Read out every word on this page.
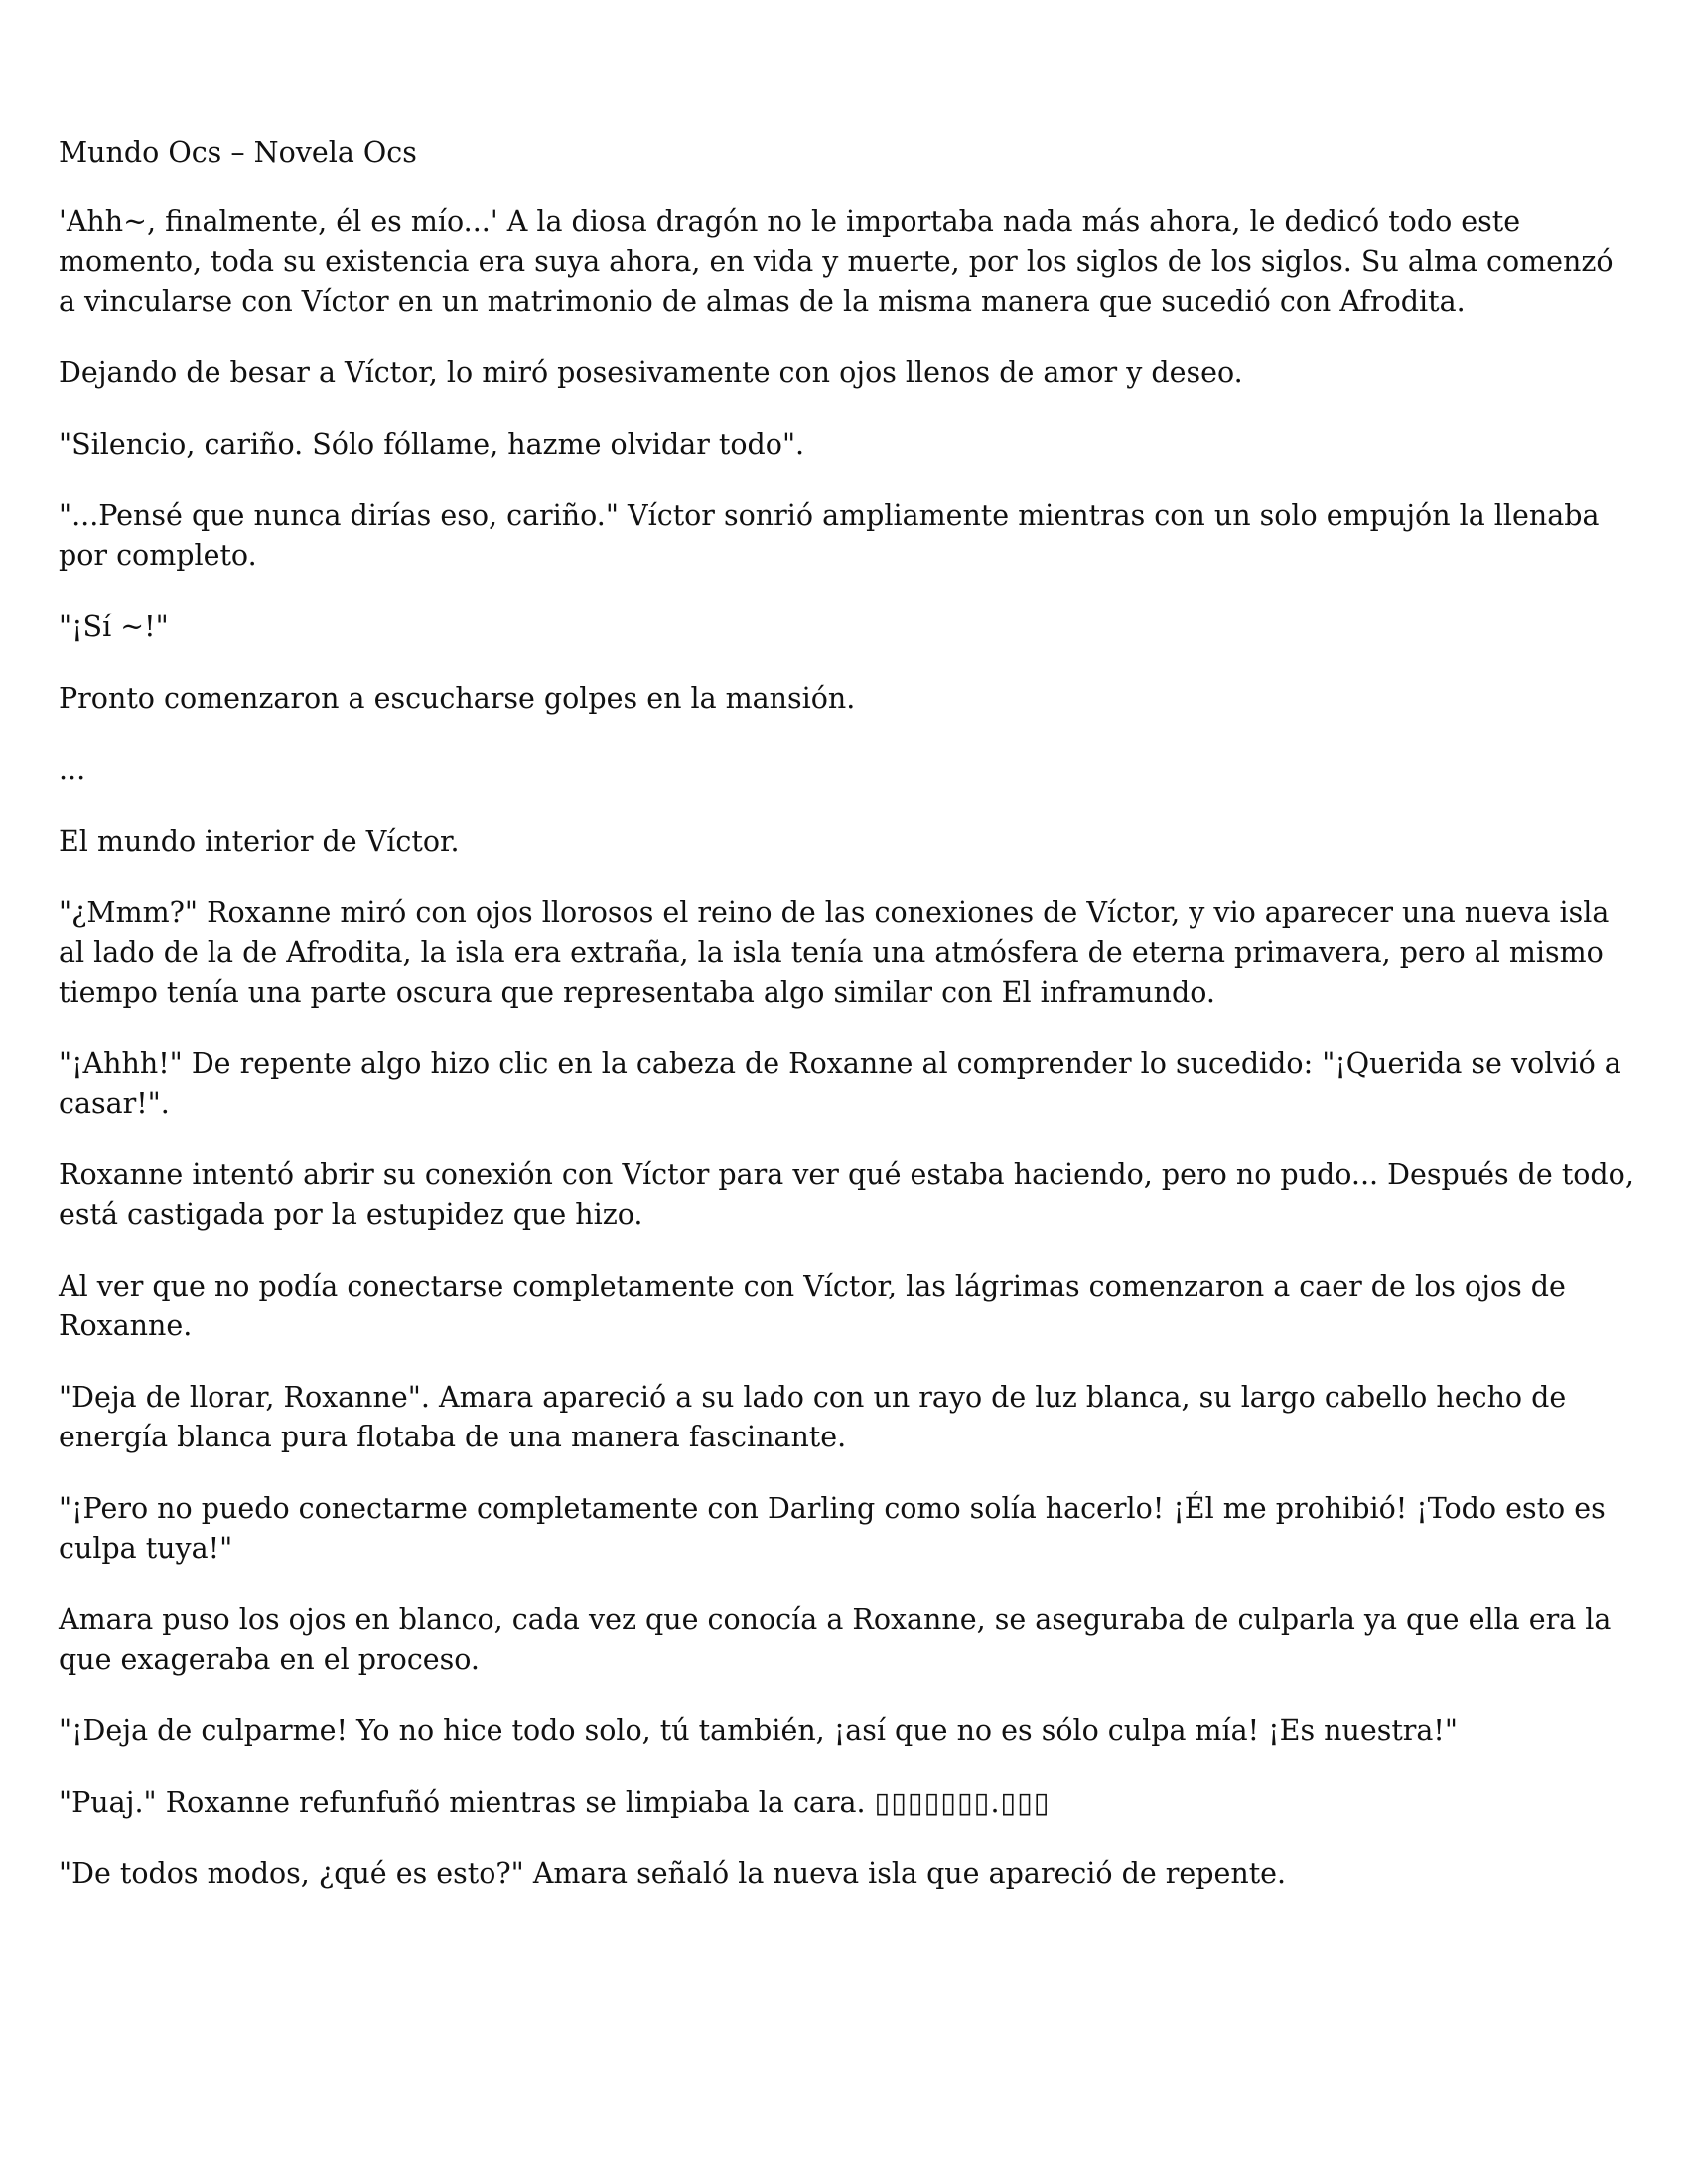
Mundo Ocs – Novela Ocs

'Ahh~, finalmente, él es mío...' A la diosa dragón no le importaba nada más ahora, le dedicó todo este momento, toda su existencia era suya ahora, en vida y muerte, por los siglos de los siglos. Su alma comenzó a vincularse con Víctor en un matrimonio de almas de la misma manera que sucedió con Afrodita.

Dejando de besar a Víctor, lo miró posesivamente con ojos llenos de amor y deseo.

"Silencio, cariño. Sólo fóllame, hazme olvidar todo".

"...Pensé que nunca dirías eso, cariño." Víctor sonrió ampliamente mientras con un solo empujón la llenaba por completo.

"¡Sí ~!"

Pronto comenzaron a escucharse golpes en la mansión.

...

El mundo interior de Víctor.

"¿Mmm?" Roxanne miró con ojos llorosos el reino de las conexiones de Víctor, y vio aparecer una nueva isla al lado de la de Afrodita, la isla era extraña, la isla tenía una atmósfera de eterna primavera, pero al mismo tiempo tenía una parte oscura que representaba algo similar con El inframundo.

"¡Ahhh!" De repente algo hizo clic en la cabeza de Roxanne al comprender lo sucedido: "¡Querida se volvió a casar!".

Roxanne intentó abrir su conexión con Víctor para ver qué estaba haciendo, pero no pudo... Después de todo, está castigada por la estupidez que hizo.

Al ver que no podía conectarse completamente con Víctor, las lágrimas comenzaron a caer de los ojos de Roxanne.

"Deja de llorar, Roxanne". Amara apareció a su lado con un rayo de luz blanca, su largo cabello hecho de energía blanca pura flotaba de una manera fascinante.

"¡Pero no puedo conectarme completamente con Darling como solía hacerlo! ¡Él me prohibió! ¡Todo esto es culpa tuya!"

Amara puso los ojos en blanco, cada vez que conocía a Roxanne, se aseguraba de culparla ya que ella era la que exageraba en el proceso.

"¡Deja de culparme! Yo no hice todo solo, tú también, ¡así que no es sólo culpa mía! ¡Es nuestra!"

"Puaj." Roxanne refunfuñó mientras se limpiaba la cara. ▯▯▯▯▯▯▯.▯▯▯

"De todos modos, ¿qué es esto?" Amara señaló la nueva isla que apareció de repente.
